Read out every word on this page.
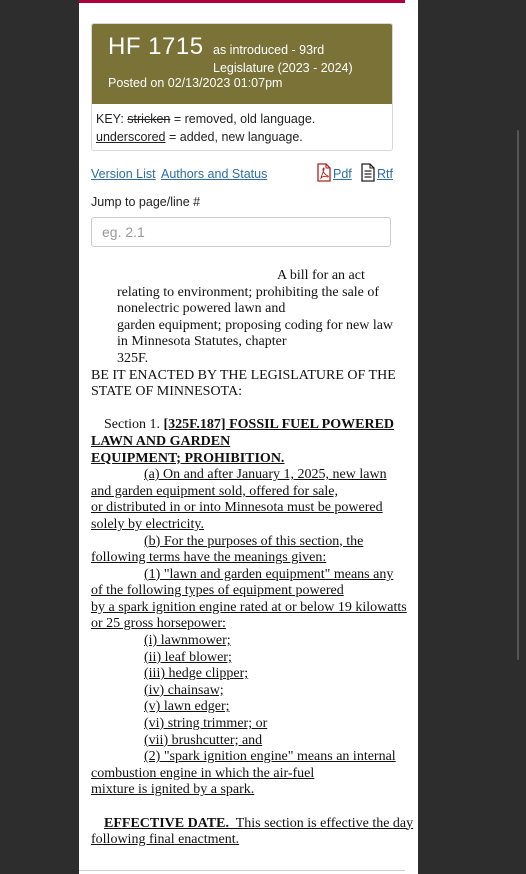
HF 1715 as introduced - 93rd
Legislature (2023 - 2024)
Posted on 02/13/2023 01:07pm
KEY: stricken = removed, old language.
underscored = added, new language.
Version List Authors and Status	Pdf Rtf
Jump to page/line #
eg. 2.1
A bill for an act
relating to environment; prohibiting the sale of
nonelectric powered lawn and
garden equipment; proposing coding for new law
in Minnesota Statutes, chapter
325F.
BE IT ENACTED BY THE LEGISLATURE OF THE
STATE OF MINNESOTA:
Section 1. [325F.187] FOSSIL FUEL POWERED
LAWN AND GARDEN
EQUIPMENT; PROHIBITION.
(a) On and after January 1, 2025, new lawn
and garden equipment sold, offered for sale,
or distributed in or into Minnesota must be powered
solely by electricity.
(b) For the purposes of this section, the
following terms have the meanings given:
(1) "lawn and garden equipment" means any
of the following types of equipment powered
by a spark ignition engine rated at or below 19 kilowatts
or 25 gross horsepower:
(i) lawnmower;
(ii) leaf blower;
(iii) hedge clipper;
(iv) chainsaw;
(v) lawn edger;
(vi) string trimmer; or
(vii) brushcutter; and
(2) "spark ignition engine" means an internal
combustion engine in which the air-fuel
mixture is ignited by a spark.
EFFECTIVE DATE.  This section is effective the day
following final enactment.
